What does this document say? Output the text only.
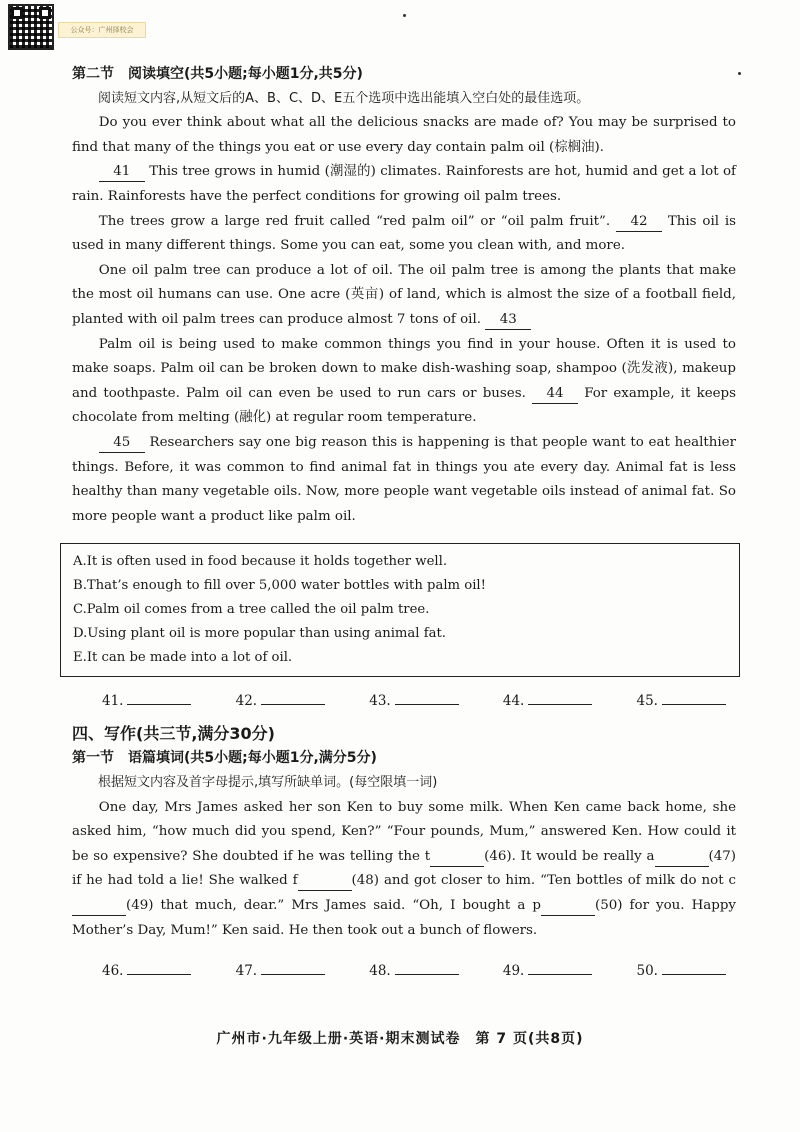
公众号：广州择校会
第二节　阅读填空(共5小题;每小题1分,共5分)

阅读短文内容,从短文后的A、B、C、D、E五个选项中选出能填入空白处的最佳选项。

Do you ever think about what all the delicious snacks are made of? You may be surprised to find that many of the things you eat or use every day contain palm oil (棕榈油).

41 This tree grows in humid (潮湿的) climates. Rainforests are hot, humid and get a lot of rain. Rainforests have the perfect conditions for growing oil palm trees.

The trees grow a large red fruit called “red palm oil” or “oil palm fruit”. 42 This oil is used in many different things. Some you can eat, some you clean with, and more.

One oil palm tree can produce a lot of oil. The oil palm tree is among the plants that make the most oil humans can use. One acre (英亩) of land, which is almost the size of a football field, planted with oil palm trees can produce almost 7 tons of oil. 43

Palm oil is being used to make common things you find in your house. Often it is used to make soaps. Palm oil can be broken down to make dish-washing soap, shampoo (洗发液), makeup and toothpaste. Palm oil can even be used to run cars or buses. 44 For example, it keeps chocolate from melting (融化) at regular room temperature.

45 Researchers say one big reason this is happening is that people want to eat healthier things. Before, it was common to find animal fat in things you ate every day. Animal fat is less healthy than many vegetable oils. Now, more people want vegetable oils instead of animal fat. So more people want a product like palm oil.

A.It is often used in food because it holds together well.
B.That’s enough to fill over 5,000 water bottles with palm oil!
C.Palm oil comes from a tree called the oil palm tree.
D.Using plant oil is more popular than using animal fat.
E.It can be made into a lot of oil.
41.	42.	43.	44.	45.
四、写作(共三节,满分30分)
第一节　语篇填词(共5小题;每小题1分,满分5分)

根据短文内容及首字母提示,填写所缺单词。(每空限填一词)

One day, Mrs James asked her son Ken to buy some milk. When Ken came back home, she asked him, “how much did you spend, Ken?” “Four pounds, Mum,” answered Ken. How could it be so expensive? She doubted if he was telling the t	(46). It would be really a	(47) if he had told a lie! She walked f	(48) and got closer to him. “Ten bottles of milk do not c (49) that much, dear.” Mrs James said. “Oh, I bought a p	(50) for you. Happy Mother’s Day, Mum!” Ken said. He then took out a bunch of flowers.

46.	47.	48.	49.	50.
广州市·九年级上册·英语·期末测试卷　第 7 页(共8页)
